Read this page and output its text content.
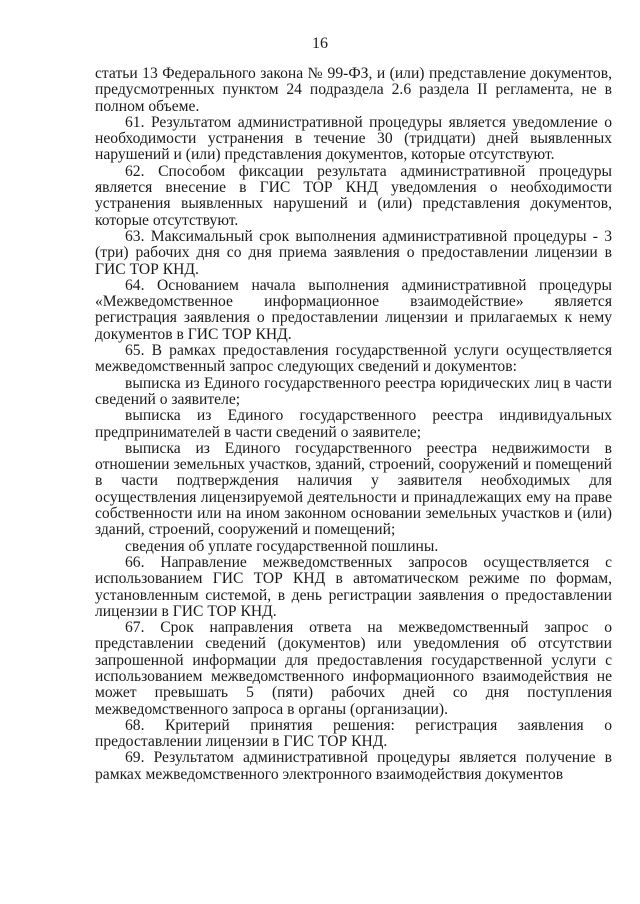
16

статьи 13 Федерального закона № 99-ФЗ, и (или) представление документов, предусмотренных пунктом 24 подраздела 2.6 раздела II регламента, не в полном объеме.

61. Результатом административной процедуры является уведомление о необходимости устранения в течение 30 (тридцати) дней выявленных нарушений и (или) представления документов, которые отсутствуют.

62. Способом фиксации результата административной процедуры является внесение в ГИС ТОР КНД уведомления о необходимости устранения выявленных нарушений и (или) представления документов, которые отсутствуют.

63. Максимальный срок выполнения административной процедуры - 3 (три) рабочих дня со дня приема заявления о предоставлении лицензии в ГИС ТОР КНД.

64. Основанием начала выполнения административной процедуры «Межведомственное информационное взаимодействие» является регистрация заявления о предоставлении лицензии и прилагаемых к нему документов в ГИС ТОР КНД.

65. В рамках предоставления государственной услуги осуществляется межведомственный запрос следующих сведений и документов:

выписка из Единого государственного реестра юридических лиц в части сведений о заявителе;

выписка из Единого государственного реестра индивидуальных предпринимателей в части сведений о заявителе;

выписка из Единого государственного реестра недвижимости в отношении земельных участков, зданий, строений, сооружений и помещений в части подтверждения наличия у заявителя необходимых для осуществления лицензируемой деятельности и принадлежащих ему на праве собственности или на ином законном основании земельных участков и (или) зданий, строений, сооружений и помещений;

сведения об уплате государственной пошлины.

66. Направление межведомственных запросов осуществляется с использованием ГИС ТОР КНД в автоматическом режиме по формам, установленным системой, в день регистрации заявления о предоставлении лицензии в ГИС ТОР КНД.

67. Срок направления ответа на межведомственный запрос о представлении сведений (документов) или уведомления об отсутствии запрошенной информации для предоставления государственной услуги с использованием межведомственного информационного взаимодействия не может превышать 5 (пяти) рабочих дней со дня поступления межведомственного запроса в органы (организации).

68. Критерий принятия решения: регистрация заявления о предоставлении лицензии в ГИС ТОР КНД.

69. Результатом административной процедуры является получение в рамках межведомственного электронного взаимодействия документов
